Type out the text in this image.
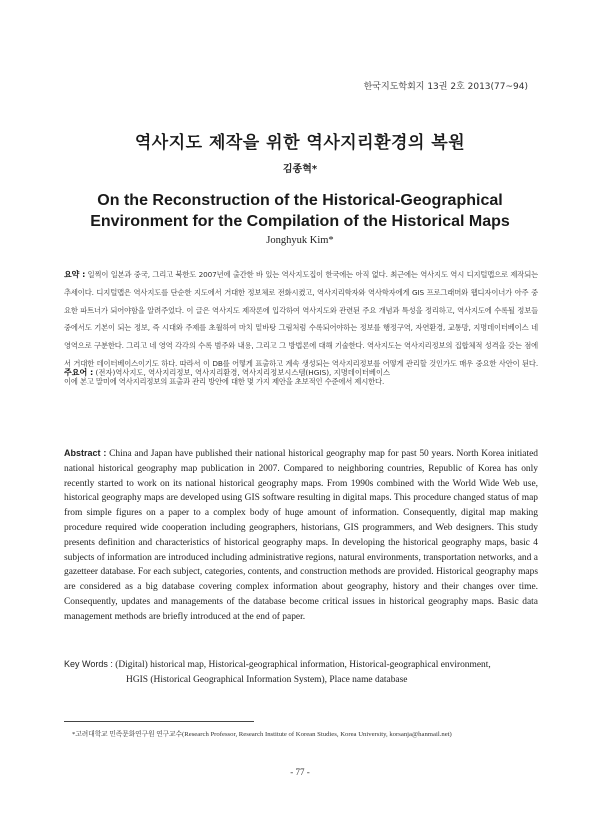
한국지도학회지 13권 2호 2013(77~94)
역사지도 제작을 위한 역사지리환경의 복원
김종혁*
On the Reconstruction of the Historical-Geographical
Environment for the Compilation of the Historical Maps
Jonghyuk Kim*
요약 : 일찍이 일본과 중국, 그리고 북한도 2007년에 출간한 바 있는 역사지도집이 한국에는 아직 없다. 최근에는 역사지도 역시 디지털맵으로 제작되는 추세이다. 디지털맵은 역사지도를 단순한 지도에서 거대한 정보체로 전화시켰고, 역사지리학자와 역사학자에게 GIS 프로그래머와 웹디자이너가 아주 중요한 파트너가 되어야함을 알려주었다. 이 글은 역사지도 제작론에 입각하여 역사지도와 관련된 주요 개념과 특성을 정리하고, 역사지도에 수록될 정보들 중에서도 기본이 되는 정보, 즉 시대와 주제를 초월하여 마치 밑바탕 그림처럼 수록되어야하는 정보를 행정구역, 자연환경, 교통망, 지명데이터베이스 네 영역으로 구분한다. 그리고 네 영역 각각의 수록 범주와 내용, 그리고 그 방법론에 대해 기술한다. 역사지도는 역사지리정보의 집합체적 성격을 갖는 점에서 거대한 데이터베이스이기도 하다. 따라서 이 DB를 어떻게 표출하고 계속 생성되는 역사지리정보를 어떻게 관리할 것인가도 매우 중요한 사안이 된다. 이에 본고 말미에 역사지리정보의 표출과 관리 방안에 대한 몇 가지 제안을 초보적인 수준에서 제시한다.
주요어 : (전자)역사지도, 역사지리정보, 역사지리환경, 역사지리정보시스템(HGIS), 지명데이터베이스
Abstract : China and Japan have published their national historical geography map for past 50 years. North Korea initiated national historical geography map publication in 2007. Compared to neighboring countries, Republic of Korea has only recently started to work on its national historical geography maps. From 1990s combined with the World Wide Web use, historical geography maps are developed using GIS software resulting in digital maps. This procedure changed status of map from simple figures on a paper to a complex body of huge amount of information. Consequently, digital map making procedure required wide cooperation including geographers, historians, GIS programmers, and Web designers. This study presents definition and characteristics of historical geography maps. In developing the historical geography maps, basic 4 subjects of information are introduced including administrative regions, natural environments, transportation networks, and a gazetteer database. For each subject, categories, contents, and construction methods are provided. Historical geography maps are considered as a big database covering complex information about geography, history and their changes over time. Consequently, updates and managements of the database become critical issues in historical geography maps. Basic data management methods are briefly introduced at the end of paper.
Key Words : (Digital) historical map, Historical-geographical information, Historical-geographical environment,
HGIS (Historical Geographical Information System), Place name database
*고려대학교 민족문화연구원 연구교수(Research Professor, Research Institute of Korean Studies, Korea University, korsanja@hanmail.net)
- 77 -
